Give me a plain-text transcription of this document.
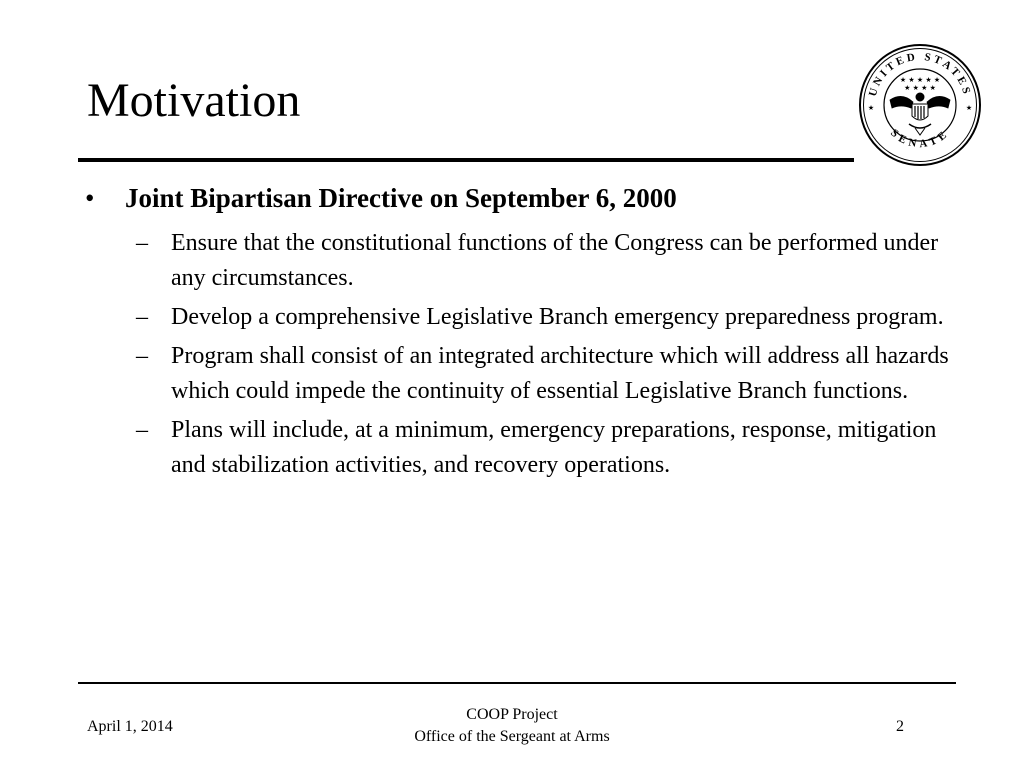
Motivation	UNITED STATES
SENATE
★ ★ ★ ★ ★
★ ★ ★ ★
★	★
• Joint Bipartisan Directive on September 6, 2000
– Ensure that the constitutional functions of the Congress can be performed under any circumstances.
– Develop a comprehensive Legislative Branch emergency preparedness program.
– Program shall consist of an integrated architecture which will address all hazards which could impede the continuity of essential Legislative Branch functions.
– Plans will include, at a minimum, emergency preparations, response, mitigation and stabilization activities, and recovery operations.
April 1, 2014
COOP Project
Office of the Sergeant at Arms
2
